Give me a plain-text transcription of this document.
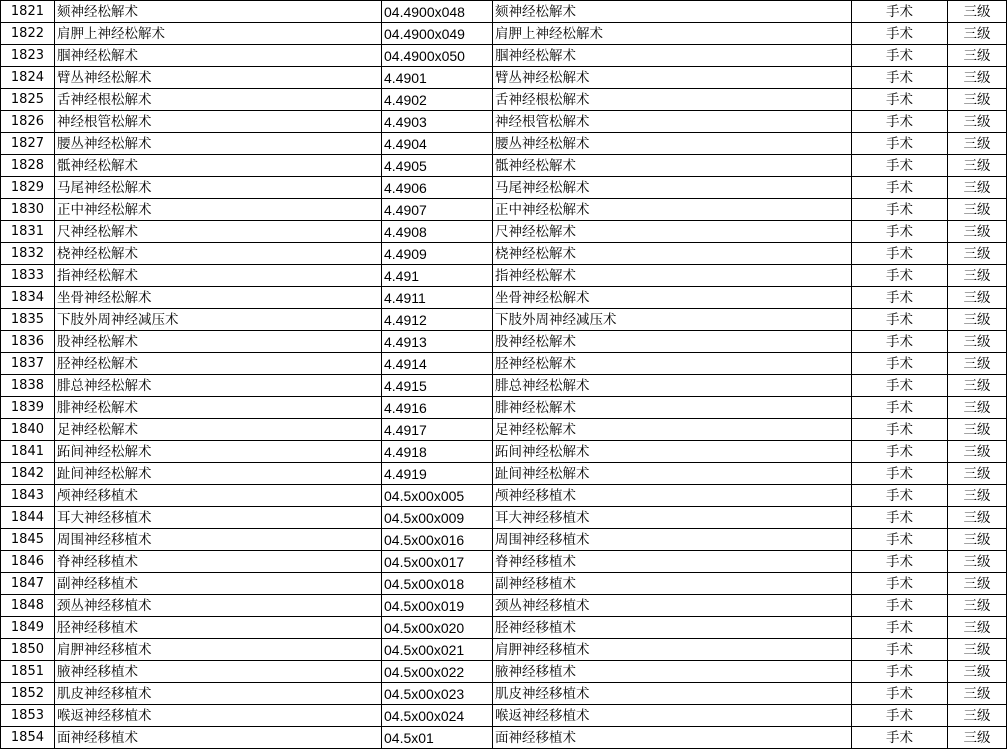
1821	颏神经松解术	04.4900x048	颏神经松解术	手术	三级
1822	肩胛上神经松解术	04.4900x049	肩胛上神经松解术	手术	三级
1823	腘神经松解术	04.4900x050	腘神经松解术	手术	三级
1824	臂丛神经松解术	4.4901	臂丛神经松解术	手术	三级
1825	舌神经根松解术	4.4902	舌神经根松解术	手术	三级
1826	神经根管松解术	4.4903	神经根管松解术	手术	三级
1827	腰丛神经松解术	4.4904	腰丛神经松解术	手术	三级
1828	骶神经松解术	4.4905	骶神经松解术	手术	三级
1829	马尾神经松解术	4.4906	马尾神经松解术	手术	三级
1830	正中神经松解术	4.4907	正中神经松解术	手术	三级
1831	尺神经松解术	4.4908	尺神经松解术	手术	三级
1832	桡神经松解术	4.4909	桡神经松解术	手术	三级
1833	指神经松解术	4.491	指神经松解术	手术	三级
1834	坐骨神经松解术	4.4911	坐骨神经松解术	手术	三级
1835	下肢外周神经减压术	4.4912	下肢外周神经减压术	手术	三级
1836	股神经松解术	4.4913	股神经松解术	手术	三级
1837	胫神经松解术	4.4914	胫神经松解术	手术	三级
1838	腓总神经松解术	4.4915	腓总神经松解术	手术	三级
1839	腓神经松解术	4.4916	腓神经松解术	手术	三级
1840	足神经松解术	4.4917	足神经松解术	手术	三级
1841	跖间神经松解术	4.4918	跖间神经松解术	手术	三级
1842	趾间神经松解术	4.4919	趾间神经松解术	手术	三级
1843	颅神经移植术	04.5x00x005	颅神经移植术	手术	三级
1844	耳大神经移植术	04.5x00x009	耳大神经移植术	手术	三级
1845	周围神经移植术	04.5x00x016	周围神经移植术	手术	三级
1846	脊神经移植术	04.5x00x017	脊神经移植术	手术	三级
1847	副神经移植术	04.5x00x018	副神经移植术	手术	三级
1848	颈丛神经移植术	04.5x00x019	颈丛神经移植术	手术	三级
1849	胫神经移植术	04.5x00x020	胫神经移植术	手术	三级
1850	肩胛神经移植术	04.5x00x021	肩胛神经移植术	手术	三级
1851	腋神经移植术	04.5x00x022	腋神经移植术	手术	三级
1852	肌皮神经移植术	04.5x00x023	肌皮神经移植术	手术	三级
1853	喉返神经移植术	04.5x00x024	喉返神经移植术	手术	三级
1854	面神经移植术	04.5x01	面神经移植术	手术	三级
